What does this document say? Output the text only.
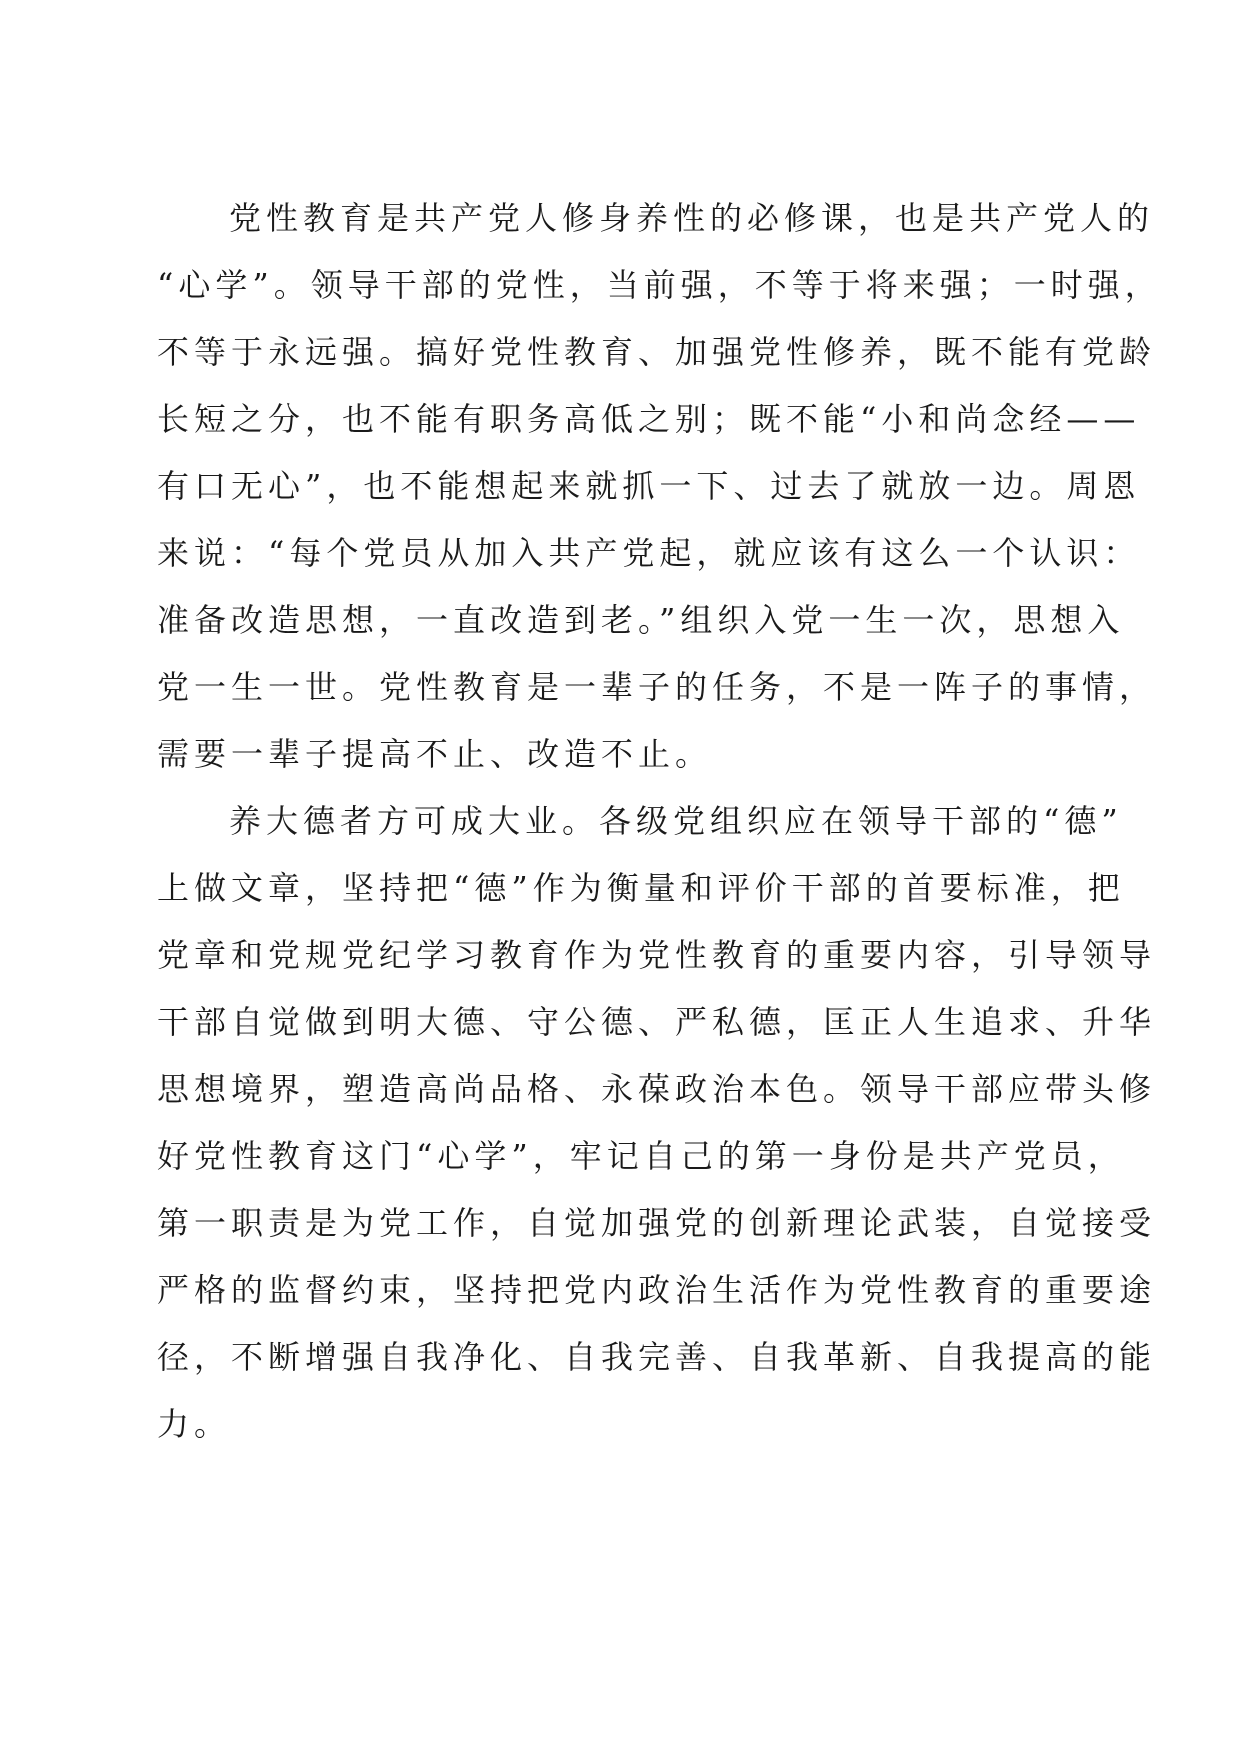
党性教育是共产党人修身养性的必修课，也是共产党人的
“心学”。领导干部的党性，当前强，不等于将来强；一时强，
不等于永远强。搞好党性教育、加强党性修养，既不能有党龄
长短之分，也不能有职务高低之别；既不能“小和尚念经——
有口无心”，也不能想起来就抓一下、过去了就放一边。周恩
来说：“每个党员从加入共产党起，就应该有这么一个认识：
准备改造思想，一直改造到老。”组织入党一生一次，思想入
党一生一世。党性教育是一辈子的任务，不是一阵子的事情，
需要一辈子提高不止、改造不止。
养大德者方可成大业。各级党组织应在领导干部的“德”
上做文章，坚持把“德”作为衡量和评价干部的首要标准，把
党章和党规党纪学习教育作为党性教育的重要内容，引导领导
干部自觉做到明大德、守公德、严私德，匡正人生追求、升华
思想境界，塑造高尚品格、永葆政治本色。领导干部应带头修
好党性教育这门“心学”，牢记自己的第一身份是共产党员，
第一职责是为党工作，自觉加强党的创新理论武装，自觉接受
严格的监督约束，坚持把党内政治生活作为党性教育的重要途
径，不断增强自我净化、自我完善、自我革新、自我提高的能
力。
